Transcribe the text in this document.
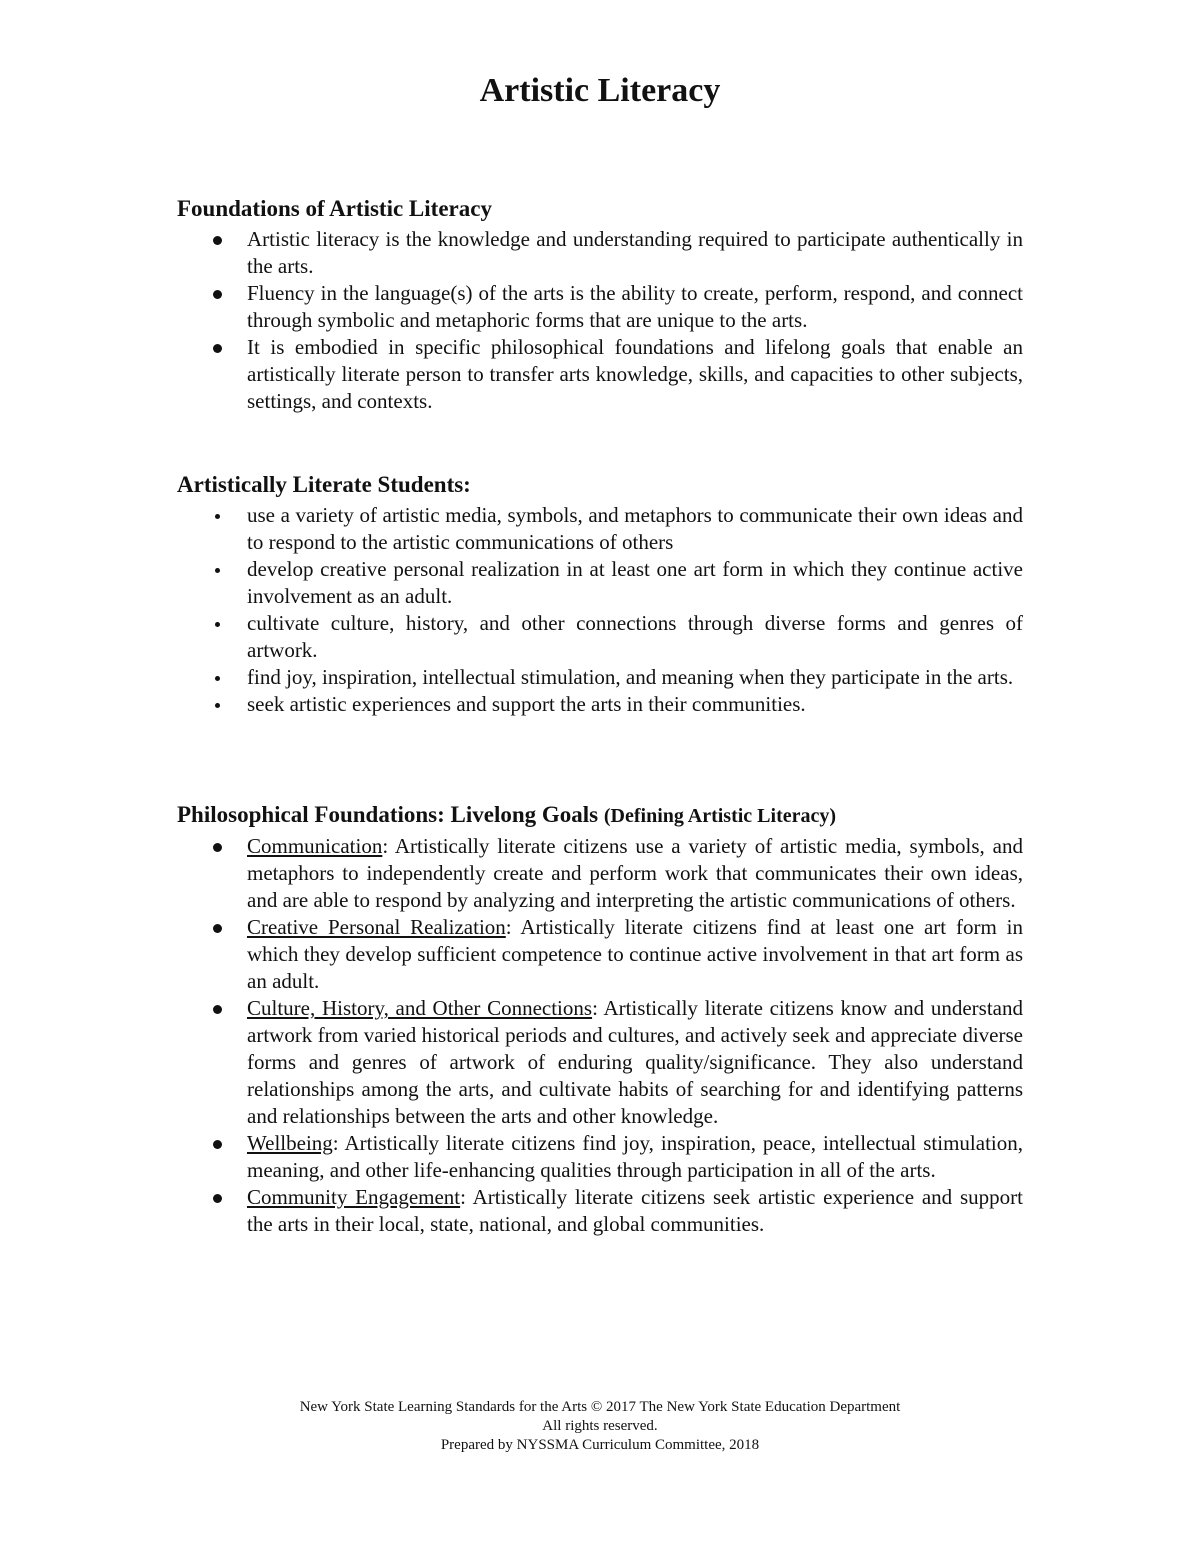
Artistic Literacy
Foundations of Artistic Literacy
Artistic literacy is the knowledge and understanding required to participate authentically in the arts.
Fluency in the language(s) of the arts is the ability to create, perform, respond, and connect through symbolic and metaphoric forms that are unique to the arts.
It is embodied in specific philosophical foundations and lifelong goals that enable an artistically literate person to transfer arts knowledge, skills, and capacities to other subjects, settings, and contexts.
Artistically Literate Students:
use a variety of artistic media, symbols, and metaphors to communicate their own ideas and to respond to the artistic communications of others
develop creative personal realization in at least one art form in which they continue active involvement as an adult.
cultivate culture, history, and other connections through diverse forms and genres of artwork.
find joy, inspiration, intellectual stimulation, and meaning when they participate in the arts.
seek artistic experiences and support the arts in their communities.
Philosophical Foundations: Livelong Goals (Defining Artistic Literacy)
Communication: Artistically literate citizens use a variety of artistic media, symbols, and metaphors to independently create and perform work that communicates their own ideas, and are able to respond by analyzing and interpreting the artistic communications of others.
Creative Personal Realization: Artistically literate citizens find at least one art form in which they develop sufficient competence to continue active involvement in that art form as an adult.
Culture, History, and Other Connections: Artistically literate citizens know and understand artwork from varied historical periods and cultures, and actively seek and appreciate diverse forms and genres of artwork of enduring quality/significance. They also understand relationships among the arts, and cultivate habits of searching for and identifying patterns and relationships between the arts and other knowledge.
Wellbeing: Artistically literate citizens find joy, inspiration, peace, intellectual stimulation, meaning, and other life-enhancing qualities through participation in all of the arts.
Community Engagement: Artistically literate citizens seek artistic experience and support the arts in their local, state, national, and global communities.
New York State Learning Standards for the Arts © 2017 The New York State Education Department
All rights reserved.
Prepared by NYSSMA Curriculum Committee, 2018
